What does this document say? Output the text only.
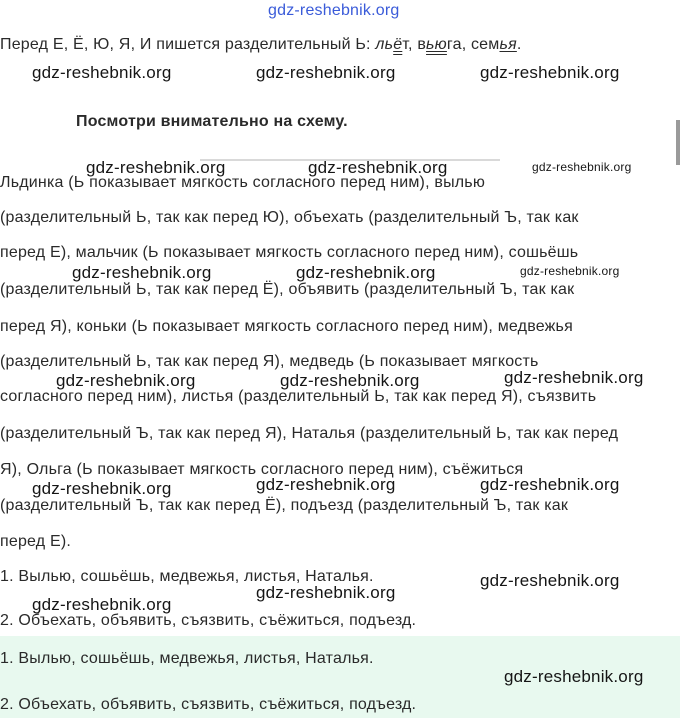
gdz-reshebnik.org
Перед Е, Ё, Ю, Я, И пишется разделительный Ь: льёт, вьюга, семья.
gdz-reshebnik.org	gdz-reshebnik.org	gdz-reshebnik.org
Посмотри внимательно на схему.
gdz-reshebnik.org	gdz-reshebnik.org	gdz-reshebnik.org
Льдинка (Ь показывает мягкость согласного перед ним), вылью
(разделительный Ь, так как перед Ю), объехать (разделительный Ъ, так как
перед Е), мальчик (Ь показывает мягкость согласного перед ним), сошьёшь
gdz-reshebnik.org	gdz-reshebnik.org	gdz-reshebnik.org
(разделительный Ь, так как перед Ё), объявить (разделительный Ъ, так как
перед Я), коньки (Ь показывает мягкость согласного перед ним), медвежья
(разделительный Ь, так как перед Я), медведь (Ь показывает мягкость
gdz-reshebnik.org	gdz-reshebnik.org	gdz-reshebnik.org
согласного перед ним), листья (разделительный Ь, так как перед Я), съязвить
(разделительный Ъ, так как перед Я), Наталья (разделительный Ь, так как перед
Я), Ольга (Ь показывает мягкость согласного перед ним), съёжиться
gdz-reshebnik.org	gdz-reshebnik.org	gdz-reshebnik.org
(разделительный Ъ, так как перед Ё), подъезд (разделительный Ъ, так как
перед Е).
1. Вылью, сошьёшь, медвежья, листья, Наталья.	gdz-reshebnik.org
gdz-reshebnik.org
gdz-reshebnik.org
2. Объехать, объявить, съязвить, съёжиться, подъезд.
1. Вылью, сошьёшь, медвежья, листья, Наталья.
gdz-reshebnik.org
2. Объехать, объявить, съязвить, съёжиться, подъезд.
